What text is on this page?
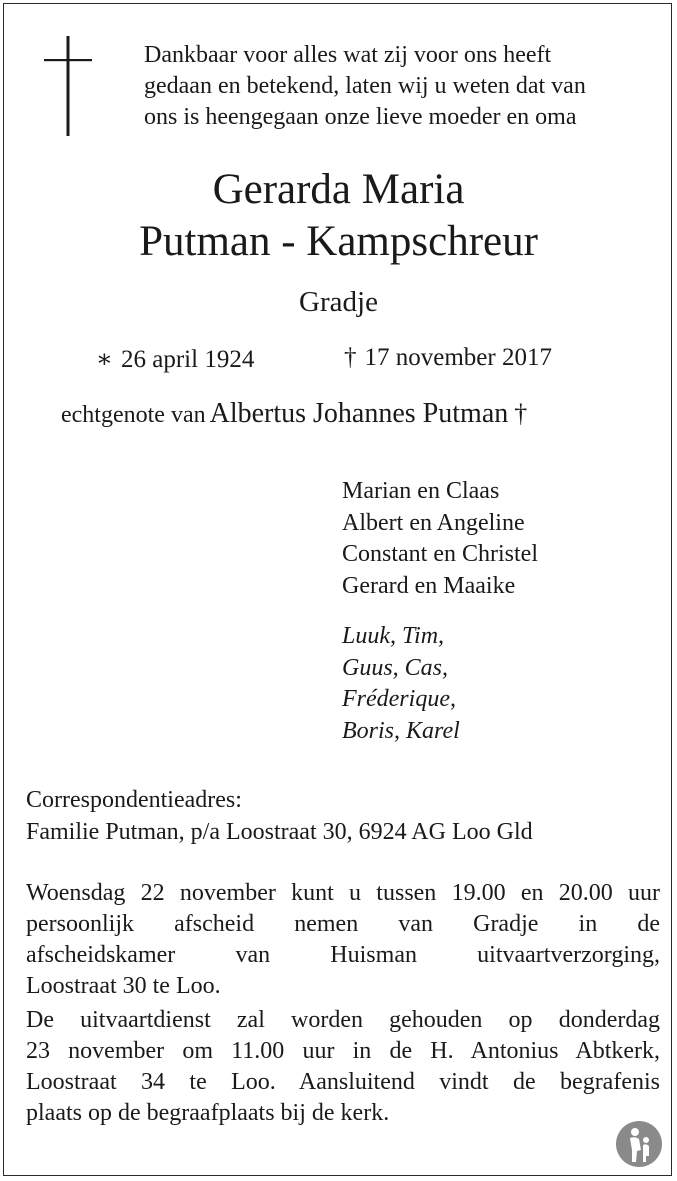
Dankbaar voor alles wat zij voor ons heeft
gedaan en betekend, laten wij u weten dat van
ons is heengegaan onze lieve moeder en oma

Gerarda Maria
Putman - Kampschreur
Gradje
∗ 26 april 1924	† 17 november 2017
echtgenote van Albertus Johannes Putman †
Marian en Claas
Albert en Angeline
Constant en Christel
Gerard en Maaike
Luuk, Tim,
Guus, Cas,
Fréderique,
Boris, Karel
Correspondentieadres:
Familie Putman, p/a Loostraat 30, 6924 AG Loo Gld

Woensdag 22 november kunt u tussen 19.00 en 20.00 uur
persoonlijk afscheid nemen van Gradje in de
afscheidskamer van Huisman uitvaartverzorging,
Loostraat 30 te Loo.

De uitvaartdienst zal worden gehouden op donderdag
23 november om 11.00 uur in de H. Antonius Abtkerk,
Loostraat 34 te Loo. Aansluitend vindt de begrafenis
plaats op de begraafplaats bij de kerk.
